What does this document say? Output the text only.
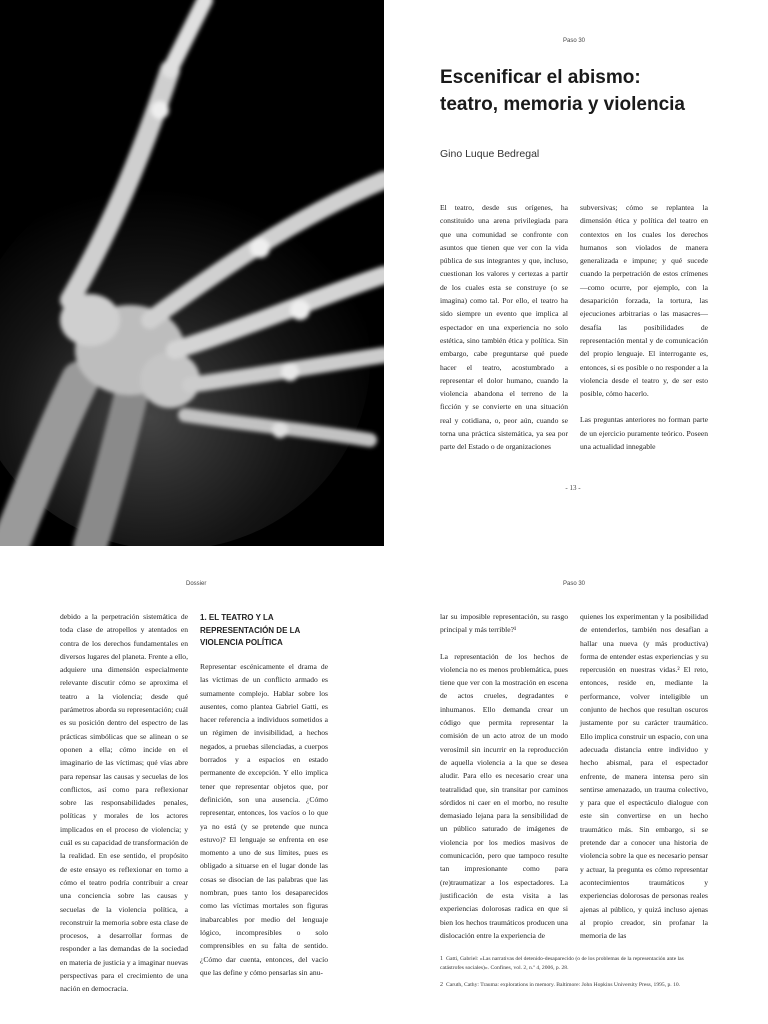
Paso 30
Escenificar el abismo:
teatro, memoria y violencia
Gino Luque Bedregal

El teatro, desde sus orígenes, ha constituido una arena privilegiada para que una comunidad se confronte con asuntos que tienen que ver con la vida pública de sus integrantes y que, incluso, cuestionan los valores y certezas a partir de los cuales esta se construye (o se imagina) como tal. Por ello, el teatro ha sido siempre un evento que implica al espectador en una experiencia no solo estética, sino también ética y política. Sin embargo, cabe preguntarse qué puede hacer el teatro, acostumbrado a representar el dolor humano, cuando la violencia abandona el terreno de la ficción y se convierte en una situación real y cotidiana, o, peor aún, cuando se torna una práctica sistemática, ya sea por parte del Estado o de organizaciones

subversivas; cómo se replantea la dimensión ética y política del teatro en contextos en los cuales los derechos humanos son violados de manera generalizada e impune; y qué sucede cuando la perpetración de estos crímenes —como ocurre, por ejemplo, con la desaparición forzada, la tortura, las ejecuciones arbitrarias o las masacres— desafía las posibilidades de representación mental y de comunicación del propio lenguaje. El interrogante es, entonces, si es posible o no responder a la violencia desde el teatro y, de ser esto posible, cómo hacerlo.

Las preguntas anteriores no forman parte de un ejercicio puramente teórico. Poseen una actualidad innegable

- 13 -
Dossier

debido a la perpetración sistemática de toda clase de atropellos y atentados en contra de los derechos fundamentales en diversos lugares del planeta. Frente a ello, adquiere una dimensión especialmente relevante discutir cómo se aproxima el teatro a la violencia; desde qué parámetros aborda su representación; cuál es su posición dentro del espectro de las prácticas simbólicas que se alinean o se oponen a ella; cómo incide en el imaginario de las víctimas; qué vías abre para repensar las causas y secuelas de los conflictos, así como para reflexionar sobre las responsabilidades penales, políticas y morales de los actores implicados en el proceso de violencia; y cuál es su capacidad de transformación de la realidad. En ese sentido, el propósito de este ensayo es reflexionar en torno a cómo el teatro podría contribuir a crear una conciencia sobre las causas y secuelas de la violencia política, a reconstruir la memoria sobre esta clase de procesos, a desarrollar formas de responder a las demandas de la sociedad en materia de justicia y a imaginar nuevas perspectivas para el crecimiento de una nación en democracia.

1. EL TEATRO Y LA
REPRESENTACIÓN DE LA
VIOLENCIA POLÍTICA

Representar escénicamente el drama de las víctimas de un conflicto armado es sumamente complejo. Hablar sobre los ausentes, como plantea Gabriel Gatti, es hacer referencia a individuos sometidos a un régimen de invisibilidad, a hechos negados, a pruebas silenciadas, a cuerpos borrados y a espacios en estado permanente de excepción. Y ello implica tener que representar objetos que, por definición, son una ausencia. ¿Cómo representar, entonces, los vacíos o lo que ya no está (y se pretende que nunca estuvo)? El lenguaje se enfrenta en ese momento a uno de sus límites, pues es obligado a situarse en el lugar donde las cosas se disocian de las palabras que las nombran, pues tanto los desaparecidos como las víctimas mortales son figuras inabarcables por medio del lenguaje lógico, incompresibles o solo comprensibles en su falta de sentido. ¿Cómo dar cuenta, entonces, del vacío que las define y cómo pensarlas sin anu-

Paso 30

lar su imposible representación, su rasgo principal y más terrible?¹

La representación de los hechos de violencia no es menos problemática, pues tiene que ver con la mostración en escena de actos crueles, degradantes e inhumanos. Ello demanda crear un código que permita representar la comisión de un acto atroz de un modo verosímil sin incurrir en la reproducción de aquella violencia a la que se desea aludir. Para ello es necesario crear una teatralidad que, sin transitar por caminos sórdidos ni caer en el morbo, no resulte demasiado lejana para la sensibilidad de un público saturado de imágenes de violencia por los medios masivos de comunicación, pero que tampoco resulte tan impresionante como para (re)traumatizar a los espectadores. La justificación de esta visita a las experiencias dolorosas radica en que si bien los hechos traumáticos producen una dislocación entre la experiencia de

quienes los experimentan y la posibilidad de entenderlos, también nos desafían a hallar una nueva (y más productiva) forma de entender estas experiencias y su repercusión en nuestras vidas.² El reto, entonces, reside en, mediante la performance, volver inteligible un conjunto de hechos que resultan oscuros justamente por su carácter traumático. Ello implica construir un espacio, con una adecuada distancia entre individuo y hecho abismal, para el espectador enfrente, de manera intensa pero sin sentirse amenazado, un trauma colectivo, y para que el espectáculo dialogue con este sin convertirse en un hecho traumático más. Sin embargo, si se pretende dar a conocer una historia de violencia sobre la que es necesario pensar y actuar, la pregunta es cómo representar acontecimientos traumáticos y experiencias dolorosas de personas reales ajenas al público, y quizá incluso ajenas al propio creador, sin profanar la memoria de las

$^1$ Gatti, Gabriel: «Las narrativas del detenido-desaparecido (o de los problemas de la representación ante las catástrofes sociales)». Confines, vol. 2, n.º 4, 2006, p. 28.
$^2$ Caruth, Cathy: Trauma: explorations in memory. Baltimore: John Hopkins University Press, 1995, p. 10.
